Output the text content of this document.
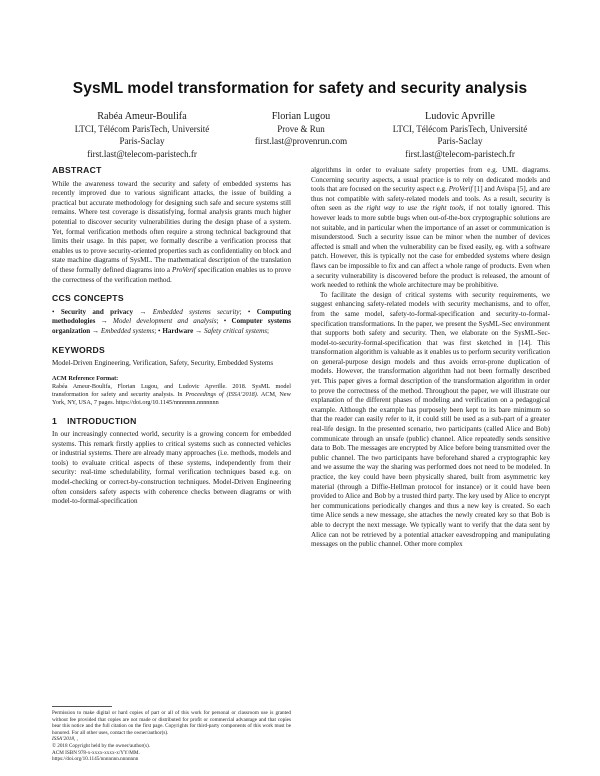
SysML model transformation for safety and security analysis
Rabéa Ameur-Boulifa
LTCI, Télécom ParisTech, Université
Paris-Saclay
first.last@telecom-paristech.fr
Florian Lugou
Prove & Run
first.last@provenrun.com
Ludovic Apvrille
LTCI, Télécom ParisTech, Université
Paris-Saclay
first.last@telecom-paristech.fr
ABSTRACT

While the awareness toward the security and safety of embedded systems has recently improved due to various significant attacks, the issue of building a practical but accurate methodology for designing such safe and secure systems still remains. Where test coverage is dissatisfying, formal analysis grants much higher potential to discover security vulnerabilities during the design phase of a system. Yet, formal verification methods often require a strong technical background that limits their usage. In this paper, we formally describe a verification process that enables us to prove security-oriented properties such as confidentiality on block and state machine diagrams of SysML. The mathematical description of the translation of these formally defined diagrams into a ProVerif specification enables us to prove the correctness of the verification method.

CCS CONCEPTS

• Security and privacy → Embedded systems security; • Computing methodologies → Model development and analysis; • Computer systems organization → Embedded systems; • Hardware → Safety critical systems;

KEYWORDS

Model-Driven Engineering, Verification, Safety, Security, Embedded Systems

ACM Reference Format:
Rabéa Ameur-Boulifa, Florian Lugou, and Ludovic Apvrille. 2018. SysML model transformation for safety and security analysis. In Proceedings of (ISSA’2018). ACM, New York, NY, USA, 7 pages. https://doi.org/10.1145/nnnnnnn.nnnnnnn

1 INTRODUCTION

In our increasingly connected world, security is a growing concern for embedded systems. This remark firstly applies to critical systems such as connected vehicles or industrial systems. There are already many approaches (i.e. methods, models and tools) to evaluate critical aspects of these systems, independently from their security: real-time schedulability, formal verification techniques based e.g. on model-checking or correct-by-construction techniques. Model-Driven Engineering often considers safety aspects with coherence checks between diagrams or with model-to-formal-specification

Permission to make digital or hard copies of part or all of this work for personal or classroom use is granted without fee provided that copies are not made or distributed for profit or commercial advantage and that copies bear this notice and the full citation on the first page. Copyrights for third-party components of this work must be honored. For all other uses, contact the owner/author(s).

ISSA’2018, ,
© 2018 Copyright held by the owner/author(s).
ACM ISBN 978-x-xxxx-xxxx-x/YY/MM.
https://doi.org/10.1145/nnnnnnn.nnnnnnn

algorithms in order to evaluate safety properties from e.g. UML diagrams. Concerning security aspects, a usual practice is to rely on dedicated models and tools that are focused on the security aspect e.g. ProVerif [1] and Avispa [5], and are thus not compatible with safety-related models and tools. As a result, security is often seen as the right way to use the right tools, if not totally ignored. This however leads to more subtle bugs when out-of-the-box cryptographic solutions are not suitable, and in particular when the importance of an asset or communication is misunderstood. Such a security issue can be minor when the number of devices affected is small and when the vulnerability can be fixed easily, eg. with a software patch. However, this is typically not the case for embedded systems where design flaws can be impossible to fix and can affect a whole range of products. Even when a security vulnerability is discovered before the product is released, the amount of work needed to rethink the whole architecture may be prohibitive.

To facilitate the design of critical systems with security requirements, we suggest enhancing safety-related models with security mechanisms, and to offer, from the same model, safety-to-formal-specification and security-to-formal-specification transformations. In the paper, we present the SysML-Sec environment that supports both safety and security. Then, we elaborate on the SysML-Sec-model-to-security-formal-specification that was first sketched in [14]. This transformation algorithm is valuable as it enables us to perform security verification on general-purpose design models and thus avoids error-prone duplication of models. However, the transformation algorithm had not been formally described yet. This paper gives a formal description of the transformation algorithm in order to prove the correctness of the method. Throughout the paper, we will illustrate our explanation of the different phases of modeling and verification on a pedagogical example. Although the example has purposely been kept to its bare minimum so that the reader can easily refer to it, it could still be used as a sub-part of a greater real-life design. In the presented scenario, two participants (called Alice and Bob) communicate through an unsafe (public) channel. Alice repeatedly sends sensitive data to Bob. The messages are encrypted by Alice before being transmitted over the public channel. The two participants have beforehand shared a cryptographic key and we assume the way the sharing was performed does not need to be modeled. In practice, the key could have been physically shared, built from asymmetric key material (through a Diffie-Hellman protocol for instance) or it could have been provided to Alice and Bob by a trusted third party. The key used by Alice to encrypt her communications periodically changes and thus a new key is created. So each time Alice sends a new message, she attaches the newly created key so that Bob is able to decrypt the next message. We typically want to verify that the data sent by Alice can not be retrieved by a potential attacker eavesdropping and manipulating messages on the public channel. Other more complex
